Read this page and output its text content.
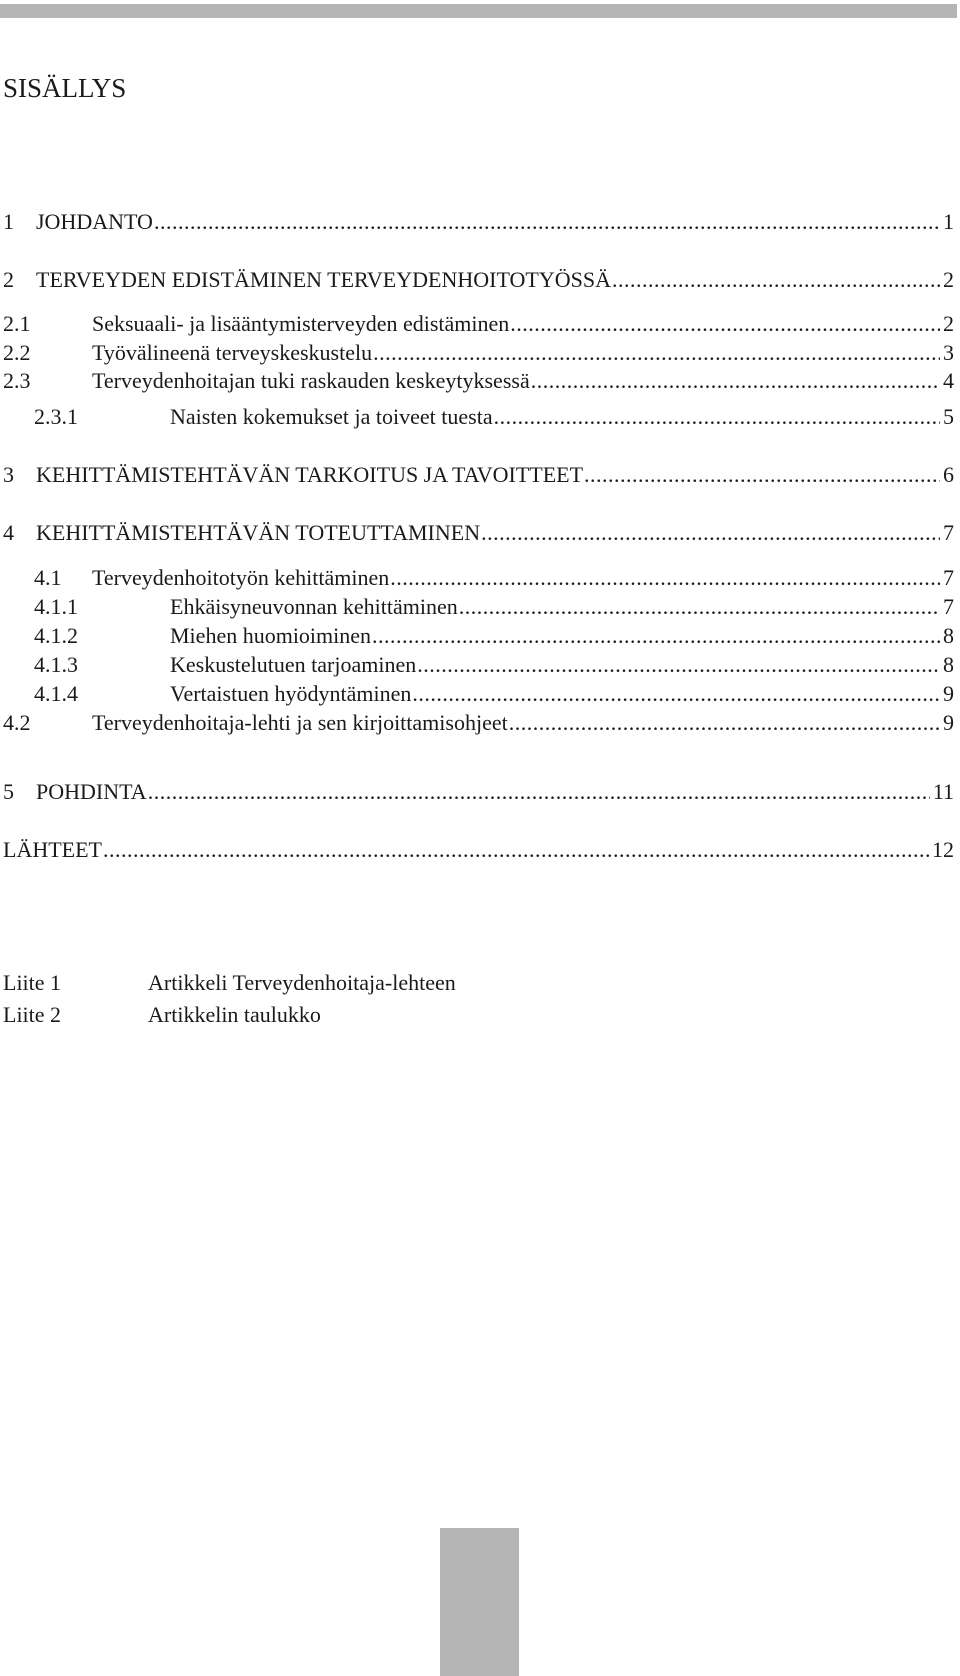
SISÄLLYS
1	JOHDANTO .....	1
2	TERVEYDEN EDISTÄMINEN TERVEYDENHOITOTYÖSSÄ .....	2
2.1	Seksuaali- ja lisääntymisterveyden edistäminen .....	2
2.2	Työvälineenä terveyskeskustelu .....	3
2.3	Terveydenhoitajan tuki raskauden keskeytyksessä .....	4
2.3.1	Naisten kokemukset ja toiveet tuesta .....	5
3	KEHITTÄMISTEHTÄVÄN TARKOITUS JA TAVOITTEET .....	6
4	KEHITTÄMISTEHTÄVÄN TOTEUTTAMINEN .....	7
4.1	Terveydenhoitotyön kehittäminen .....	7
4.1.1	Ehkäisyneuvonnan kehittäminen .....	7
4.1.2	Miehen huomioiminen .....	8
4.1.3	Keskustelutuen tarjoaminen .....	8
4.1.4	Vertaistuen hyödyntäminen .....	9
4.2	Terveydenhoitaja-lehti ja sen kirjoittamisohjeet .....	9
5	POHDINTA .....	11
LÄHTEET .....	12
Liite 1	Artikkeli Terveydenhoitaja-lehteen
Liite 2	Artikkelin taulukko
